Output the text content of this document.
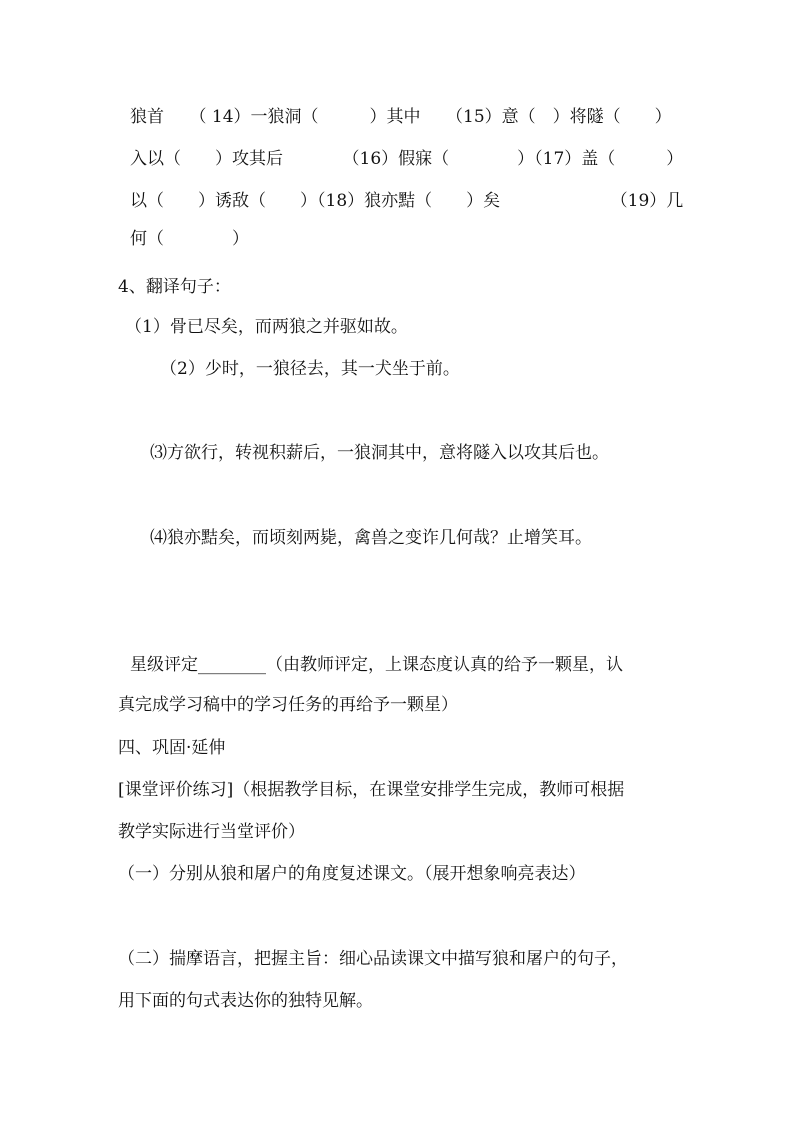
狼首　　（ 14）一狼洞（　　　）其中　　（15）意（　）将隧（　　）
入以（　　）攻其后　　　　（16）假寐（　　　　）（17）盖（　　　）
以（　　）诱敌（　　）（18）狼亦黠（　　）矣　　　　　　　（19）几
何（　　　　）
4、翻译句子：
（1）骨已尽矣，而两狼之并驱如故。
（2）少时，一狼径去，其一犬坐于前。
⑶方欲行，转视积薪后，一狼洞其中，意将隧入以攻其后也。
⑷狼亦黠矣，而顷刻两毙，禽兽之变诈几何哉？止增笑耳。
星级评定________（由教师评定，上课态度认真的给予一颗星，认
真完成学习稿中的学习任务的再给予一颗星）
四、巩固·延伸
[课堂评价练习]（根据教学目标，在课堂安排学生完成，教师可根据
教学实际进行当堂评价）
（一）分别从狼和屠户的角度复述课文。（展开想象响亮表达）
（二）揣摩语言，把握主旨：细心品读课文中描写狼和屠户的句子，
用下面的句式表达你的独特见解。
